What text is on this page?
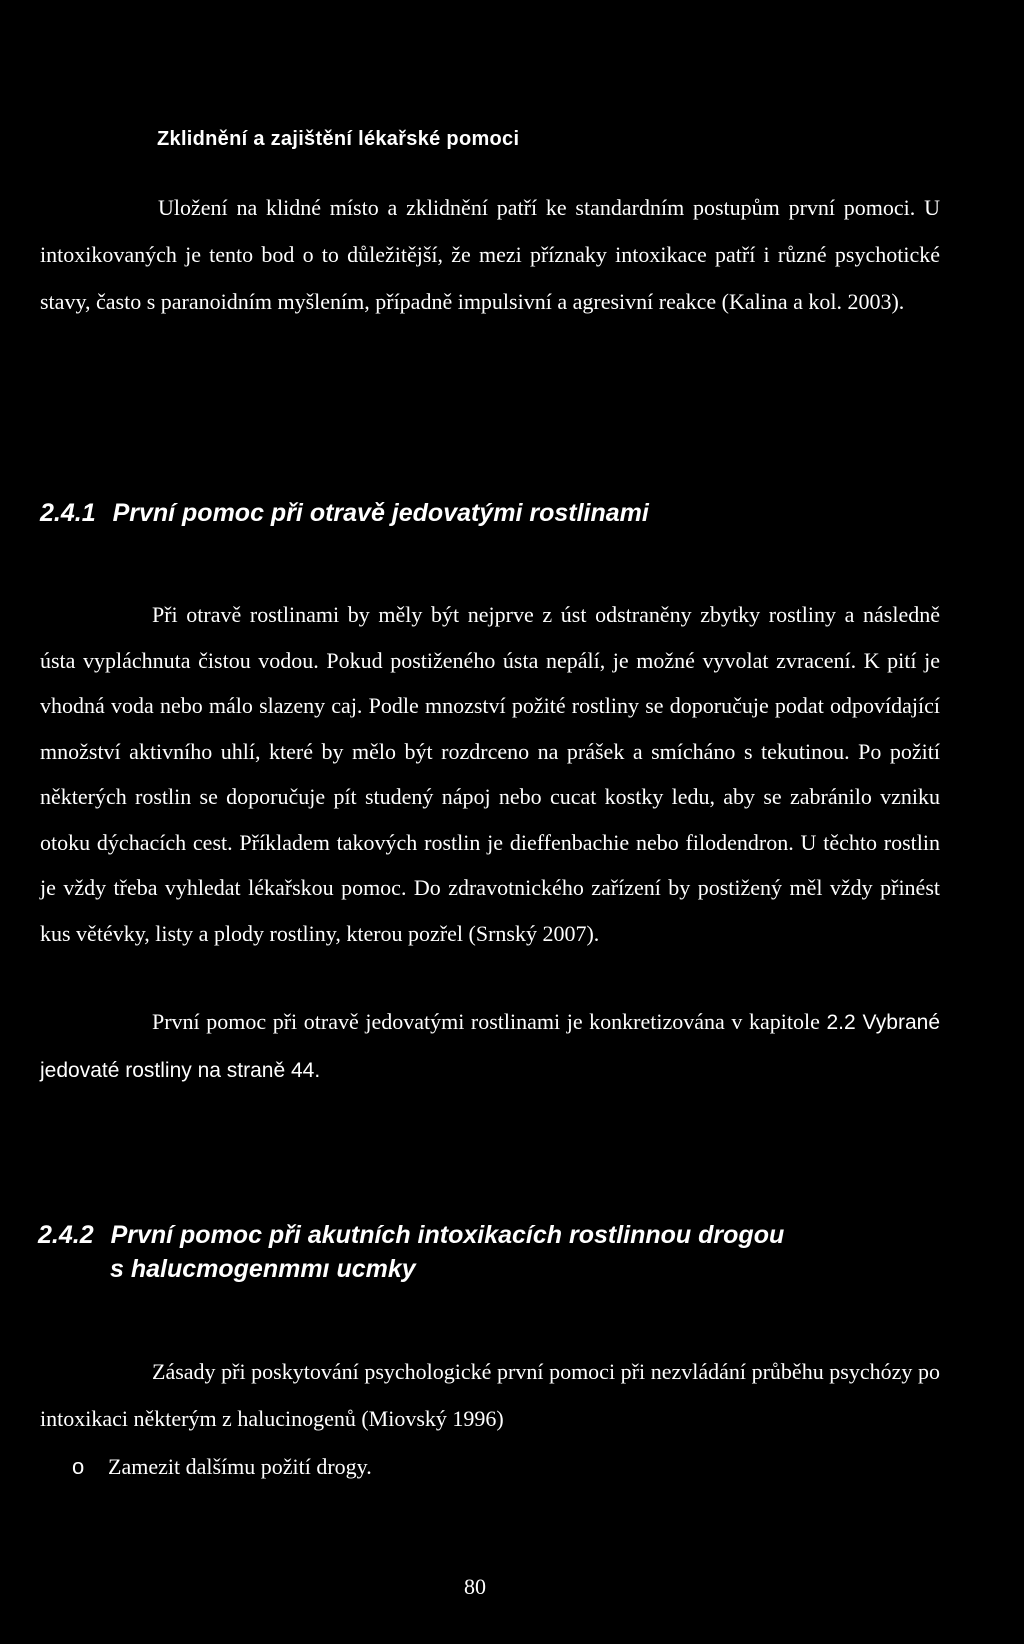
Zklidnění a zajištění lékařské pomoci

Uložení na klidné místo a zklidnění patří ke standardním postupům první pomoci. U intoxikovaných je tento bod o to důležitější, že mezi příznaky intoxikace patří i různé psychotické stavy, často s paranoidním myšlením, případně impulsivní a agresivní reakce (Kalina a kol. 2003).

2.4.1 První pomoc při otravě jedovatými rostlinami

Při otravě rostlinami by měly být nejprve z úst odstraněny zbytky rostliny a následně ústa vypláchnuta čistou vodou. Pokud postiženého ústa nepálí, je možné vyvolat zvracení. K pití je vhodná voda nebo málo slazeny caj. Podle mnozství požité rostliny se doporučuje podat odpovídající množství aktivního uhlí, které by mělo být rozdrceno na prášek a smícháno s tekutinou. Po požití některých rostlin se doporučuje pít studený nápoj nebo cucat kostky ledu, aby se zabránilo vzniku otoku dýchacích cest. Příkladem takových rostlin je dieffenbachie nebo filodendron. U těchto rostlin je vždy třeba vyhledat lékařskou pomoc. Do zdravotnického zařízení by postižený měl vždy přinést kus větévky, listy a plody rostliny, kterou pozřel (Srnský 2007).

První pomoc při otravě jedovatými rostlinami je konkretizována v kapitole 2.2 Vybrané jedovaté rostliny na straně 44.

2.4.2 První pomoc při akutních intoxikacích rostlinnou drogou
s halucmogenmmı ucmky

Zásady při poskytování psychologické první pomoci při nezvládání průběhu psychózy po intoxikaci některým z halucinogenů (Miovský 1996)

o	Zamezit dalšímu požití drogy.
80
